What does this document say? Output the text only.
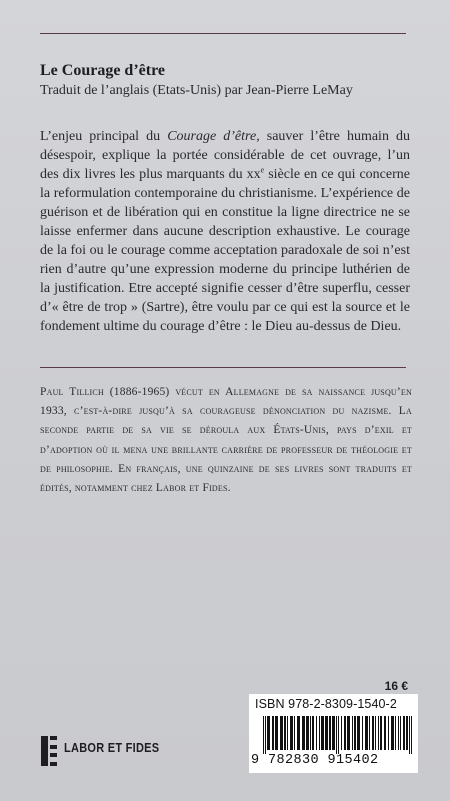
Le Courage d’être
Traduit de l’anglais (Etats-Unis) par Jean-Pierre LeMay

L’enjeu principal du Courage d’être, sauver l’être humain du désespoir, explique la portée considérable de cet ouvrage, l’un des dix livres les plus marquants du $xx^e$ siècle en ce qui concerne la reformulation contemporaine du christianisme. L’expérience de guérison et de libération qui en constitue la ligne directrice ne se laisse enfermer dans aucune description exhaustive. Le courage de la foi ou le courage comme acceptation paradoxale de soi n’est rien d’autre qu’une expression moderne du principe luthérien de la justification. Etre accepté signifie cesser d’être superflu, cesser d’« être de trop » (Sartre), être voulu par ce qui est la source et le fondement ultime du courage d’être : le Dieu au-dessus de Dieu.

Paul Tillich (1886-1965) vécut en Allemagne de sa naissance jusqu’en 1933, c’est-à-dire jusqu’à sa courageuse dénonciation du nazisme. La seconde partie de sa vie se déroula aux États-Unis, pays d’exil et d’adoption où il mena une brillante carrière de professeur de théologie et de philosophie. En français, une quinzaine de ses livres sont traduits et édités, notamment chez Labor et Fides.

16 €
ISBN 978-2-8309-1540-2
9 782830 915402
LABOR ET FIDES
